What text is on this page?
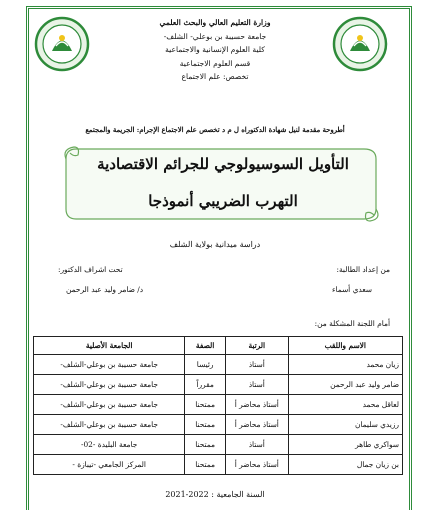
وزارة التعليم العالي والبحث العلمي
جامعة حسيبة بن بوعلي- الشلف-
كلية العلوم الإنسانية والاجتماعية
قسم العلوم الاجتماعية
تخصص: علم الاجتماع
أطروحة مقدمة لنيل شهادة الدكتوراه ل م د تخصص علم الاجتماع الإجرام: الجريمة والمجتمع
التأويل السوسيولوجي للجرائم الاقتصادية
التهرب الضريبي أنموذجا
دراسة ميدانية بولاية الشلف
من إعداد الطالبة:
سعدي أسماء
تحت اشراف الدكتور:
د/ ضامر وليد عبد الرحمن
أمام اللجنة المشكلة من:
الاسم واللقب	الرتبة	الصفة	الجامعة الأصلية
زيان محمد	أستاذ	رئيسا	جامعة حسيبة بن بوعلي-الشلف-
ضامر وليد عبد الرحمن	أستاذ	مقرراً	جامعة حسيبة بن بوعلي-الشلف-
لعاقل محمد	أستاذ محاضر أ	ممتحنا	جامعة حسيبة بن بوعلي-الشلف-
رزيدي سليمان	أستاذ محاضر أ	ممتحنا	جامعة حسيبة بن بوعلي-الشلف-
سواكري طاهر	أستاذ	ممتحنا	جامعة البليدة -02-
بن زيان جمال	أستاذ محاضر أ	ممتحنا	المركز الجامعي -تيبازة -
السنة الجامعية : 2021-2022
